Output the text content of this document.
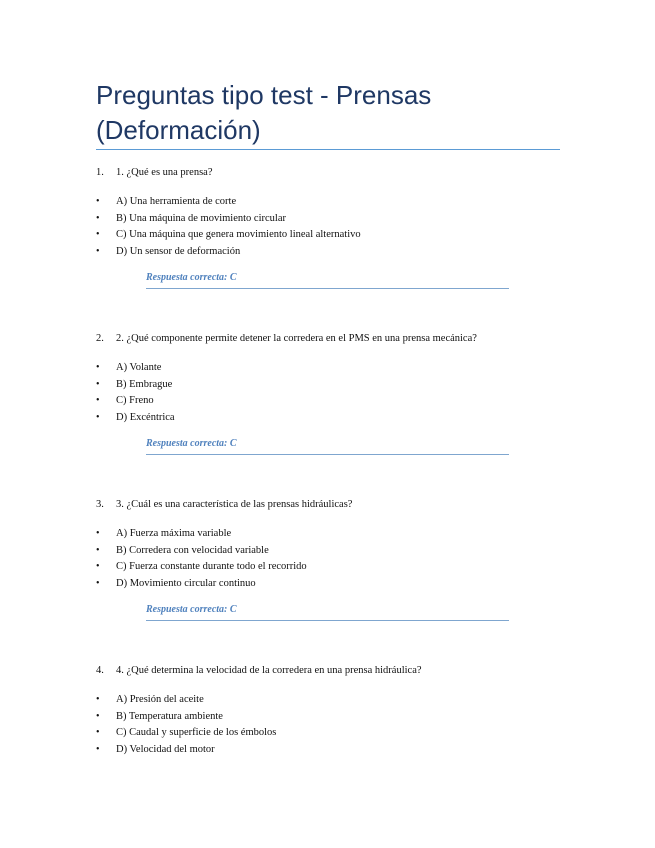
Preguntas tipo test - Prensas (Deformación)
1.	1. ¿Qué es una prensa?
•	A) Una herramienta de corte
•	B) Una máquina de movimiento circular
•	C) Una máquina que genera movimiento lineal alternativo
•	D) Un sensor de deformación
Respuesta correcta: C
2.	2. ¿Qué componente permite detener la corredera en el PMS en una prensa mecánica?
•	A) Volante
•	B) Embrague
•	C) Freno
•	D) Excéntrica
Respuesta correcta: C
3.	3. ¿Cuál es una característica de las prensas hidráulicas?
•	A) Fuerza máxima variable
•	B) Corredera con velocidad variable
•	C) Fuerza constante durante todo el recorrido
•	D) Movimiento circular continuo
Respuesta correcta: C
4.	4. ¿Qué determina la velocidad de la corredera en una prensa hidráulica?
•	A) Presión del aceite
•	B) Temperatura ambiente
•	C) Caudal y superficie de los émbolos
•	D) Velocidad del motor
